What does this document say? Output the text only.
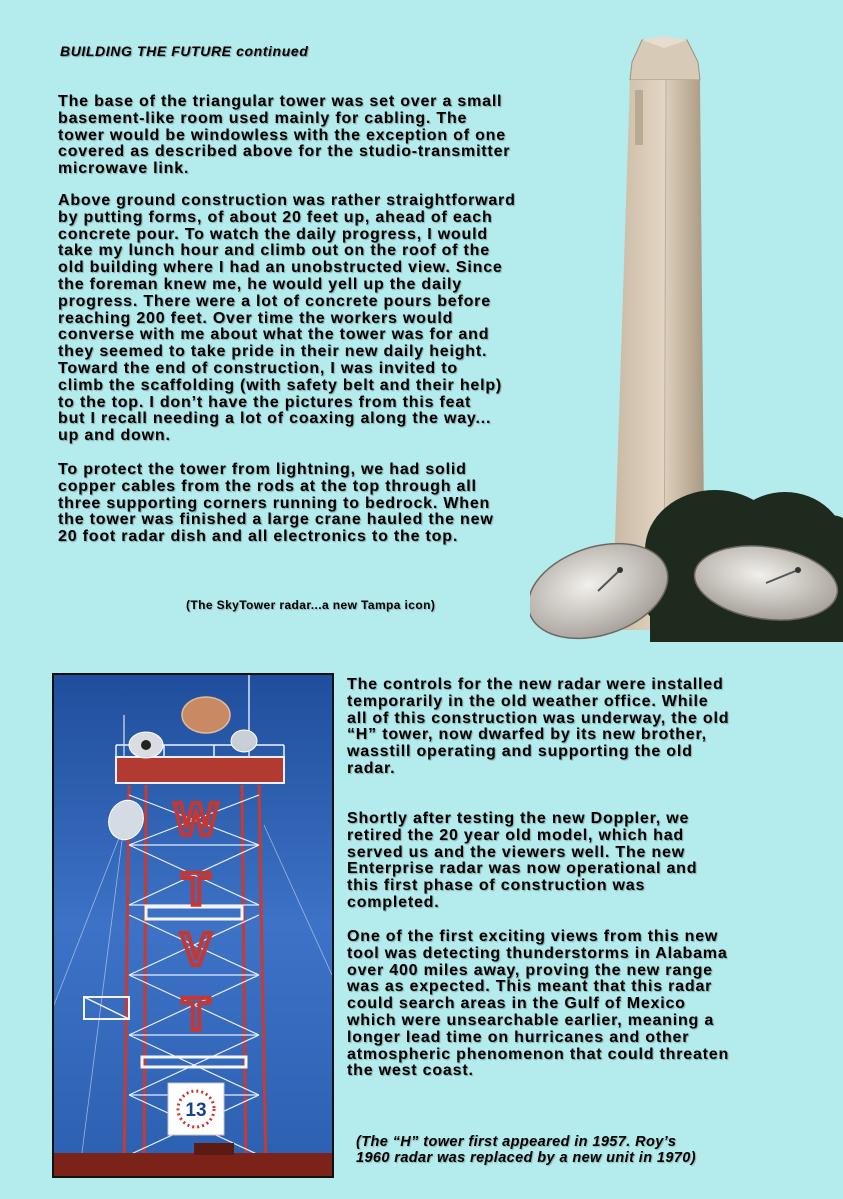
BUILDING THE FUTURE continued

The base of the triangular tower was set over a small
basement-like room used mainly for cabling. The
tower would be windowless with the exception of one
covered as described above for the studio-transmitter
microwave link.

Above ground construction was rather straightforward
by putting forms, of about 20 feet up, ahead of each
concrete pour. To watch the daily progress, I would
take my lunch hour and climb out on the roof of the
old building where I had an unobstructed view. Since
the foreman knew me, he would yell up the daily
progress. There were a lot of concrete pours before
reaching 200 feet. Over time the workers would
converse with me about what the tower was for and
they seemed to take pride in their new daily height.
Toward the end of construction, I was invited to
climb the scaffolding (with safety belt and their help)
to the top. I don’t have the pictures from this feat
but I recall needing a lot of coaxing along the way...
up and down.

To protect the tower from lightning, we had solid
copper cables from the rods at the top through all
three supporting corners running to bedrock. When
the tower was finished a large crane hauled the new
20 foot radar dish and all electronics to the top.

(The SkyTower radar...a new Tampa icon)

W
T
V
T
13

The controls for the new radar were installed
temporarily in the old weather office. While
all of this construction was underway, the old
“H” tower, now dwarfed by its new brother,
wasstill operating and supporting the old
radar.

Shortly after testing the new Doppler, we
retired the 20 year old model, which had
served us and the viewers well. The new
Enterprise radar was now operational and
this first phase of construction was
completed.

One of the first exciting views from this new
tool was detecting thunderstorms in Alabama
over 400 miles away, proving the new range
was as expected. This meant that this radar
could search areas in the Gulf of Mexico
which were unsearchable earlier, meaning a
longer lead time on hurricanes and other
atmospheric phenomenon that could threaten
the west coast.

(The “H” tower first appeared in 1957. Roy’s
1960 radar was replaced by a new unit in 1970)
